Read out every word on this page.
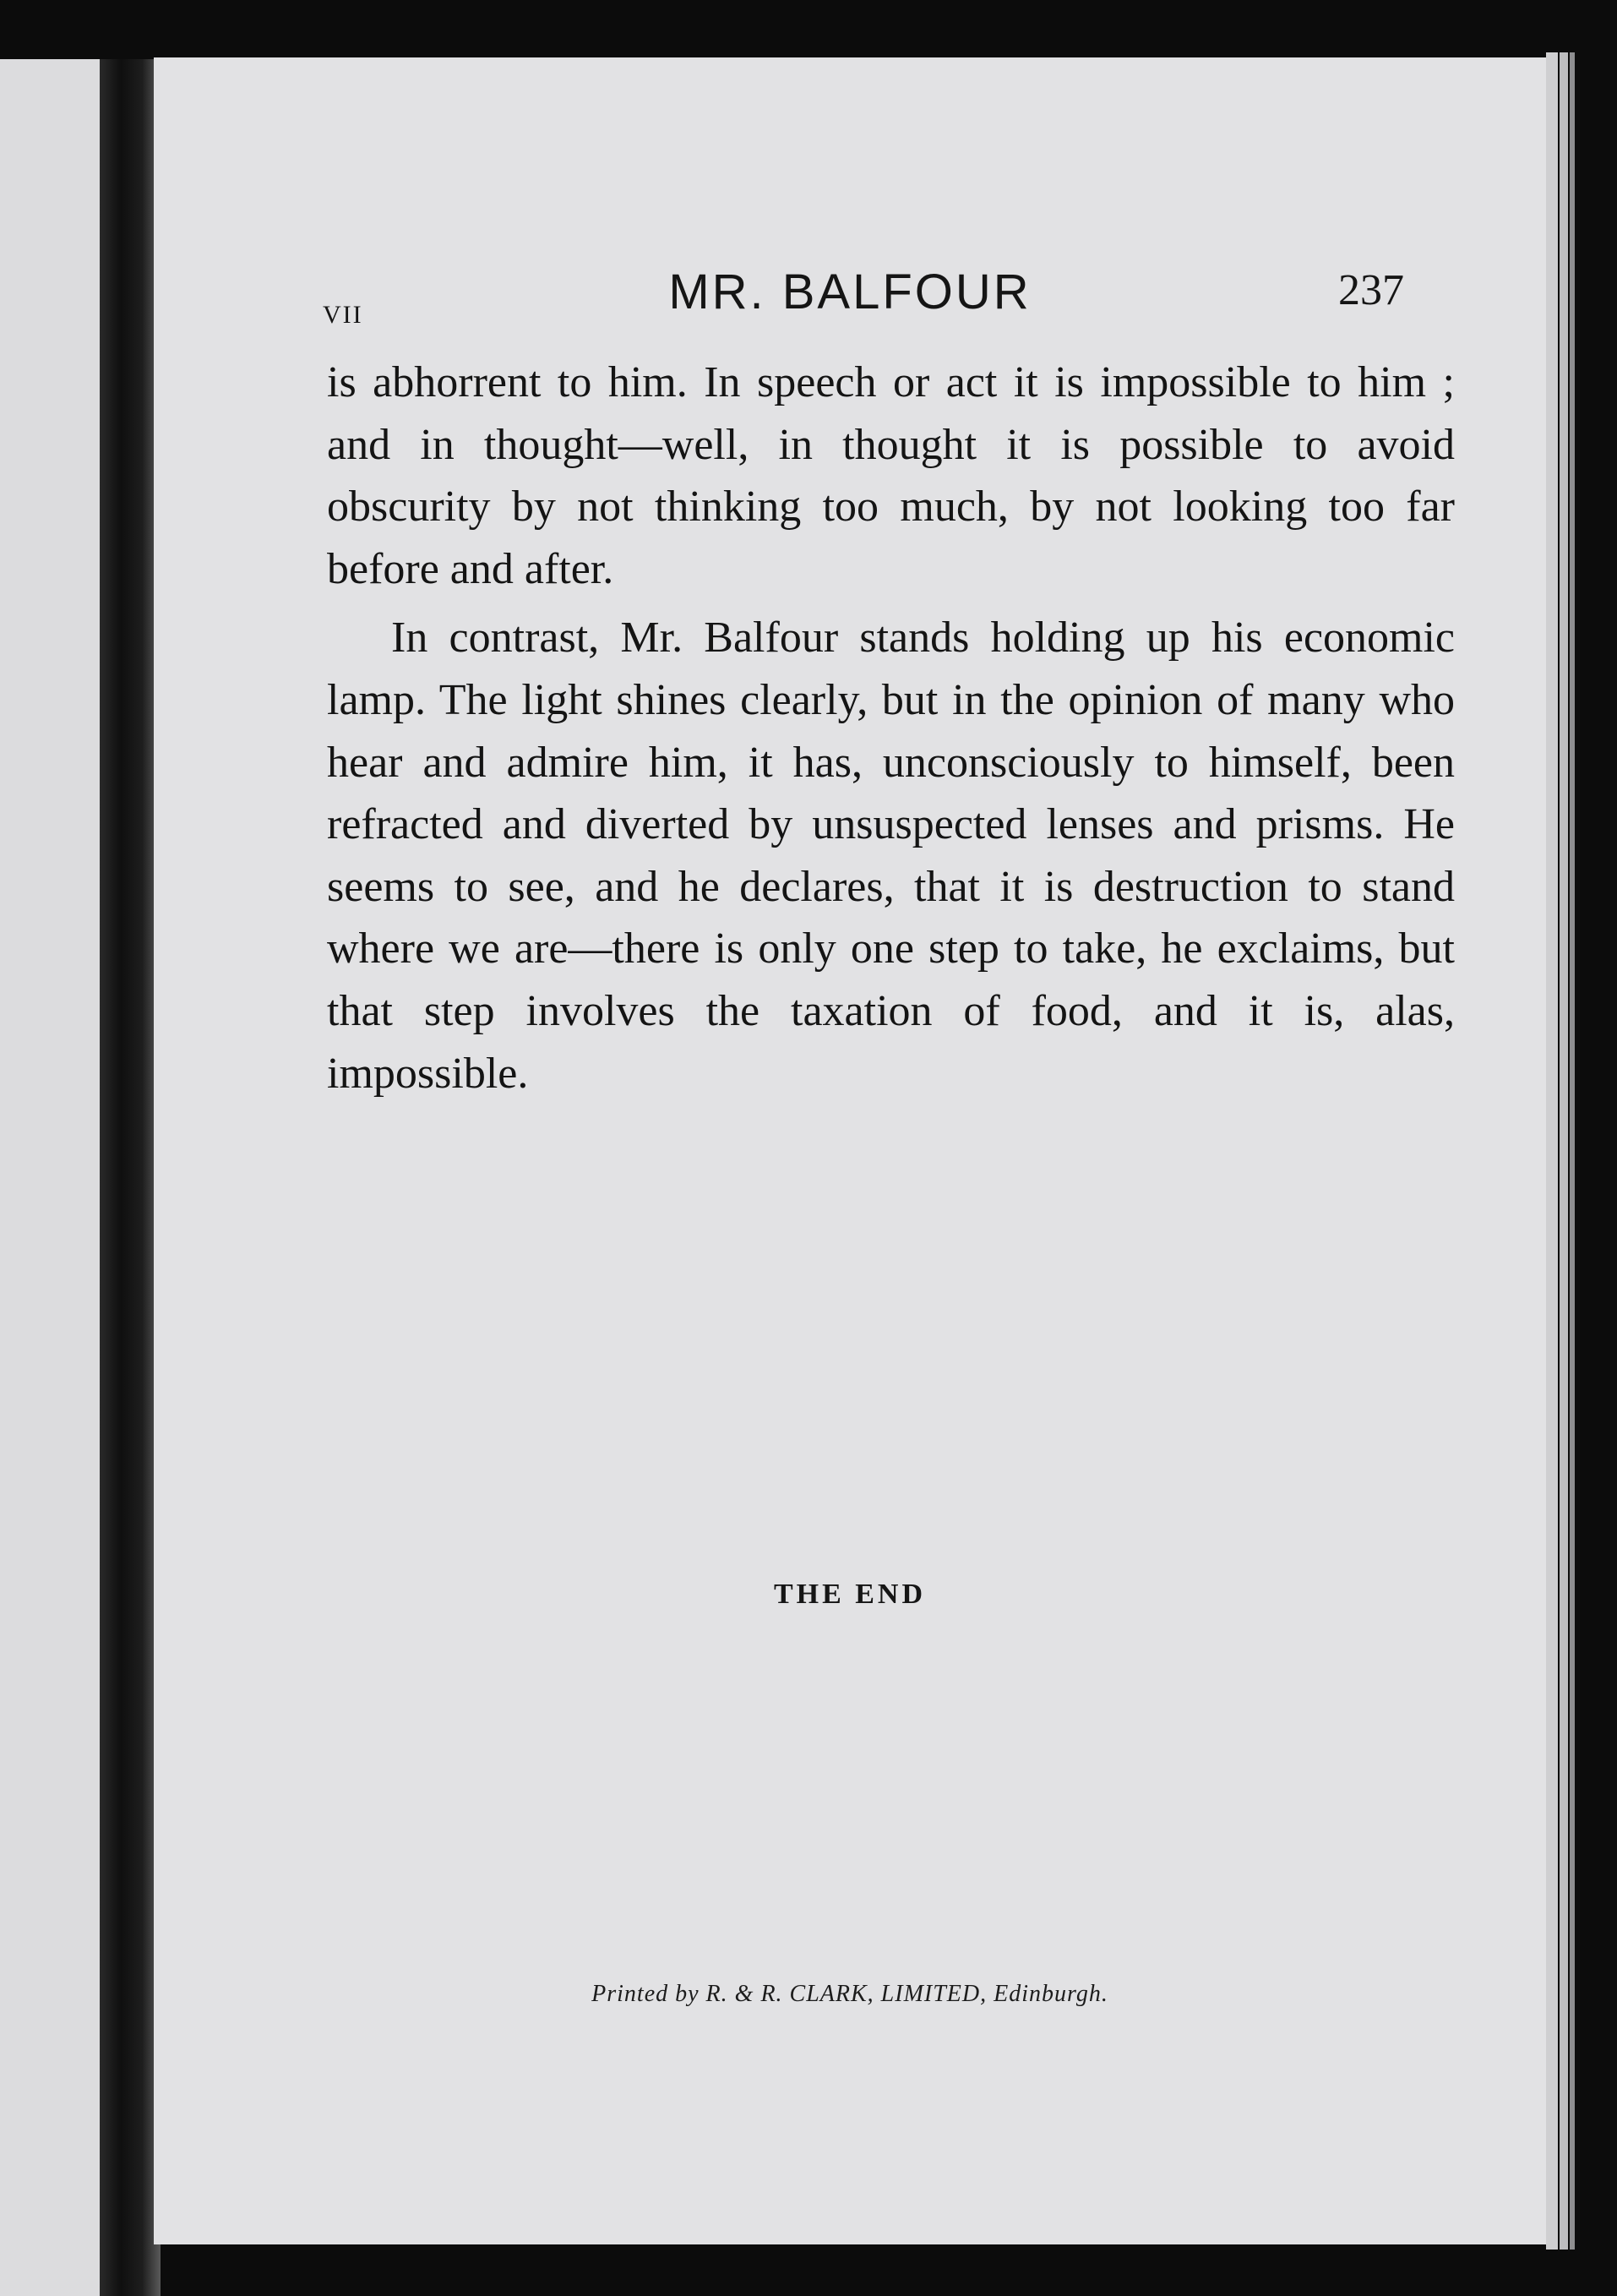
VII	MR. BALFOUR	237

is abhorrent to him. In speech or act it is impossible to him ; and in thought—well, in thought it is possible to avoid obscurity by not thinking too much, by not looking too far before and after.

In contrast, Mr. Balfour stands holding up his economic lamp. The light shines clearly, but in the opinion of many who hear and admire him, it has, unconsciously to himself, been refracted and diverted by unsuspected lenses and prisms. He seems to see, and he declares, that it is destruction to stand where we are—there is only one step to take, he exclaims, but that step involves the taxation of food, and it is, alas, impossible.

THE END
Printed by R. & R. CLARK, LIMITED, Edinburgh.
